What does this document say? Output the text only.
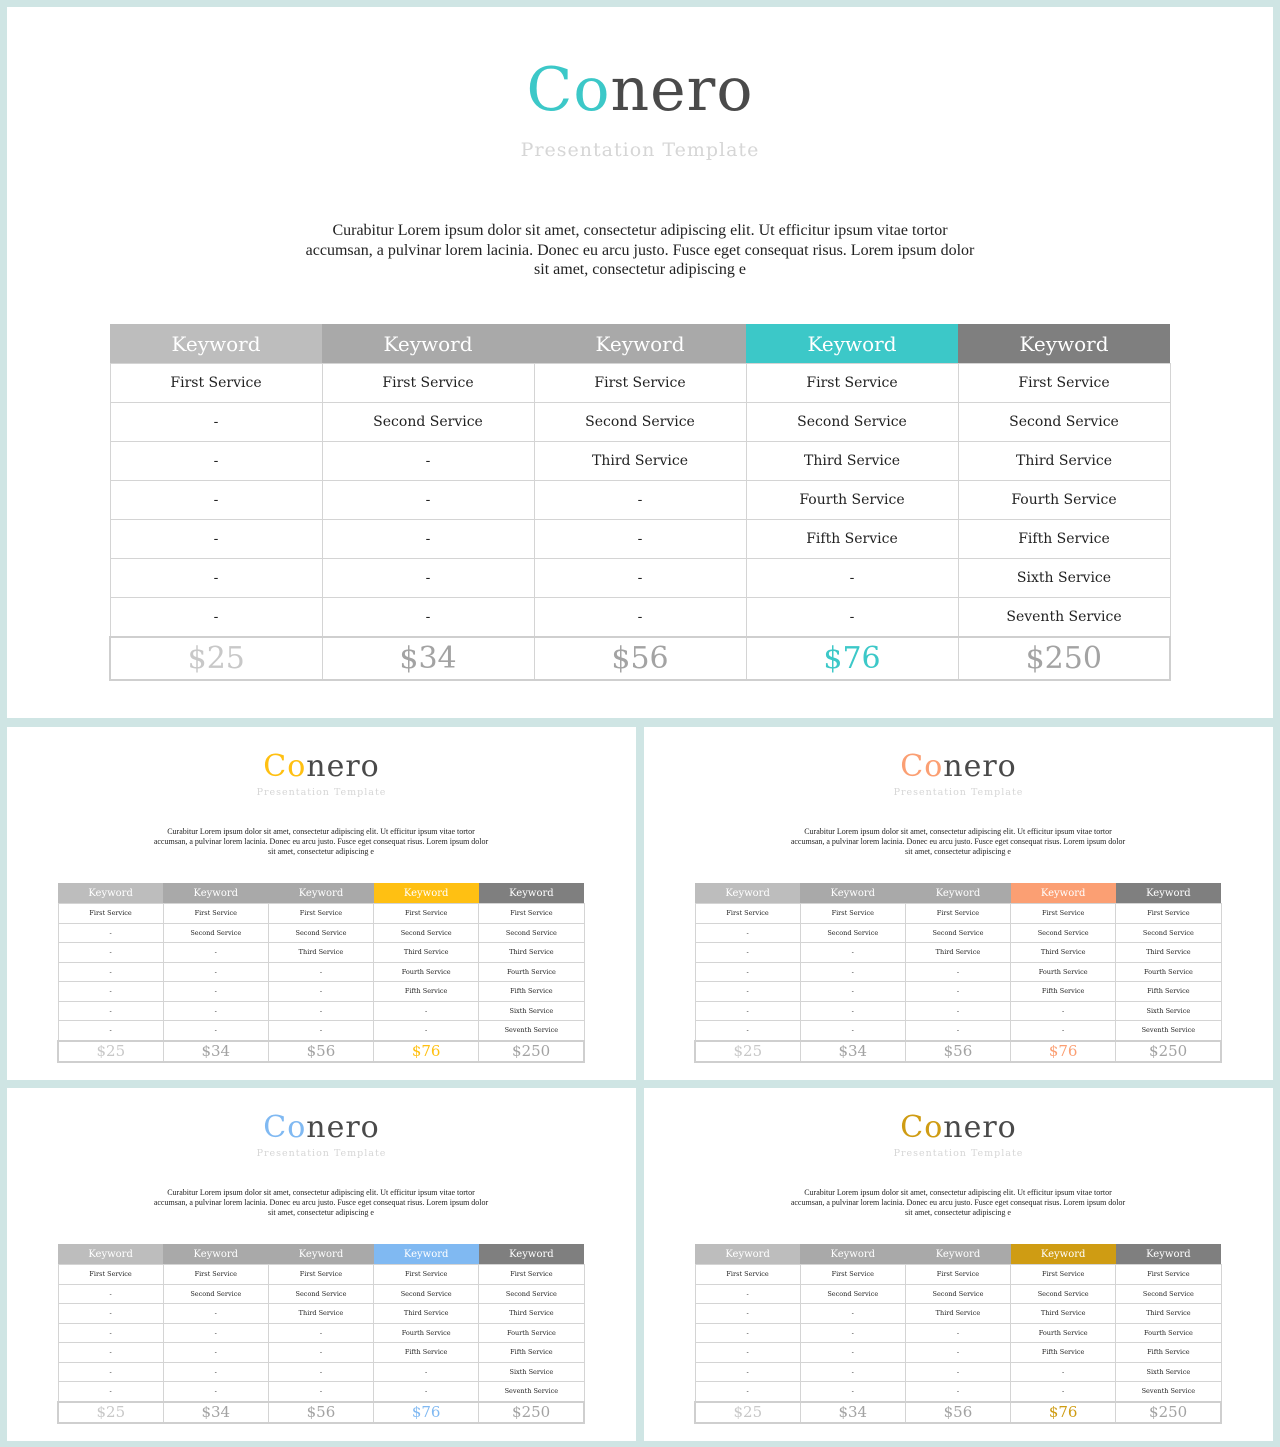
Conero
Presentation Template
Curabitur Lorem ipsum dolor sit amet, consectetur adipiscing elit. Ut efficitur ipsum vitae tortor
accumsan, a pulvinar lorem lacinia. Donec eu arcu justo. Fusce eget consequat risus. Lorem ipsum dolor
sit amet, consectetur adipiscing e
Keyword	Keyword	Keyword	Keyword	Keyword
First Service	First Service	First Service	First Service	First Service
-	Second Service	Second Service	Second Service	Second Service
-	-	Third Service	Third Service	Third Service
-	-	-	Fourth Service	Fourth Service
-	-	-	Fifth Service	Fifth Service
-	-	-	-	Sixth Service
-	-	-	-	Seventh Service
$25	$34	$56	$76	$250
Conero
Presentation Template
Curabitur Lorem ipsum dolor sit amet, consectetur adipiscing elit. Ut efficitur ipsum vitae tortor
accumsan, a pulvinar lorem lacinia. Donec eu arcu justo. Fusce eget consequat risus. Lorem ipsum dolor
sit amet, consectetur adipiscing e
Keyword	Keyword	Keyword	Keyword	Keyword
First Service	First Service	First Service	First Service	First Service
-	Second Service	Second Service	Second Service	Second Service
-	-	Third Service	Third Service	Third Service
-	-	-	Fourth Service	Fourth Service
-	-	-	Fifth Service	Fifth Service
-	-	-	-	Sixth Service
-	-	-	-	Seventh Service
$25	$34	$56	$76	$250
Conero
Presentation Template
Curabitur Lorem ipsum dolor sit amet, consectetur adipiscing elit. Ut efficitur ipsum vitae tortor
accumsan, a pulvinar lorem lacinia. Donec eu arcu justo. Fusce eget consequat risus. Lorem ipsum dolor
sit amet, consectetur adipiscing e
Keyword	Keyword	Keyword	Keyword	Keyword
First Service	First Service	First Service	First Service	First Service
-	Second Service	Second Service	Second Service	Second Service
-	-	Third Service	Third Service	Third Service
-	-	-	Fourth Service	Fourth Service
-	-	-	Fifth Service	Fifth Service
-	-	-	-	Sixth Service
-	-	-	-	Seventh Service
$25	$34	$56	$76	$250
Conero
Presentation Template
Curabitur Lorem ipsum dolor sit amet, consectetur adipiscing elit. Ut efficitur ipsum vitae tortor
accumsan, a pulvinar lorem lacinia. Donec eu arcu justo. Fusce eget consequat risus. Lorem ipsum dolor
sit amet, consectetur adipiscing e
Keyword	Keyword	Keyword	Keyword	Keyword
First Service	First Service	First Service	First Service	First Service
-	Second Service	Second Service	Second Service	Second Service
-	-	Third Service	Third Service	Third Service
-	-	-	Fourth Service	Fourth Service
-	-	-	Fifth Service	Fifth Service
-	-	-	-	Sixth Service
-	-	-	-	Seventh Service
$25	$34	$56	$76	$250
Conero
Presentation Template
Curabitur Lorem ipsum dolor sit amet, consectetur adipiscing elit. Ut efficitur ipsum vitae tortor
accumsan, a pulvinar lorem lacinia. Donec eu arcu justo. Fusce eget consequat risus. Lorem ipsum dolor
sit amet, consectetur adipiscing e
Keyword	Keyword	Keyword	Keyword	Keyword
First Service	First Service	First Service	First Service	First Service
-	Second Service	Second Service	Second Service	Second Service
-	-	Third Service	Third Service	Third Service
-	-	-	Fourth Service	Fourth Service
-	-	-	Fifth Service	Fifth Service
-	-	-	-	Sixth Service
-	-	-	-	Seventh Service
$25	$34	$56	$76	$250
